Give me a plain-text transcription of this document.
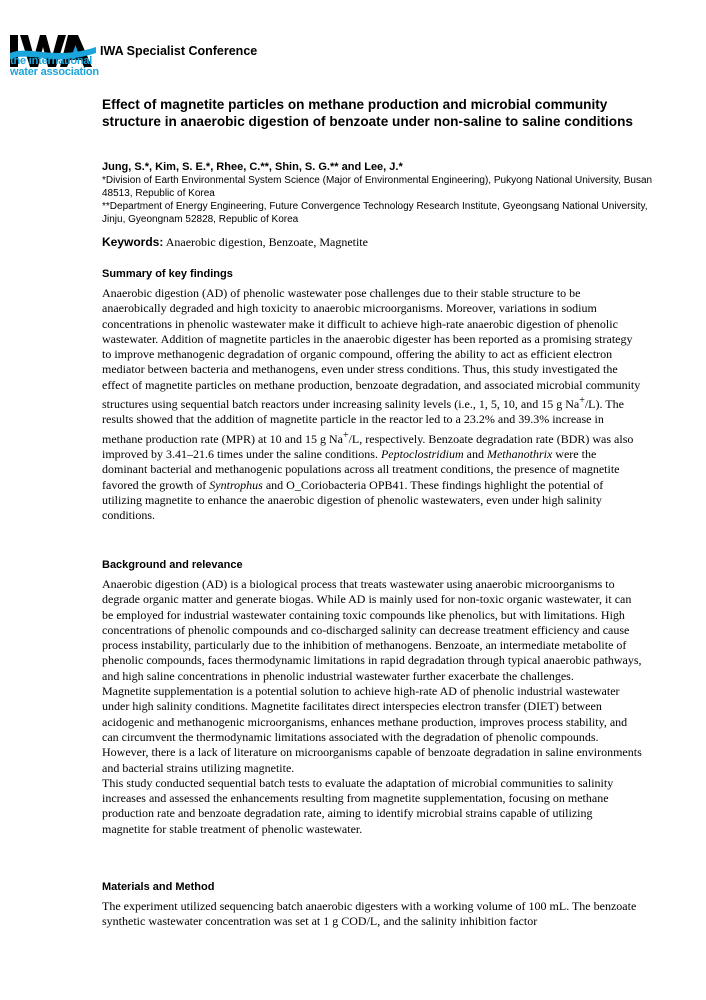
the international
water association
IWA Specialist Conference
Effect of magnetite particles on methane production and microbial community structure in anaerobic digestion of benzoate under non-saline to saline conditions
Jung, S.*, Kim, S. E.*, Rhee, C.**, Shin, S. G.** and Lee, J.*
*Division of Earth Environmental System Science (Major of Environmental Engineering), Pukyong National University, Busan 48513, Republic of Korea
**Department of Energy Engineering, Future Convergence Technology Research Institute, Gyeongsang National University, Jinju, Gyeongnam 52828, Republic of Korea
Keywords: Anaerobic digestion, Benzoate, Magnetite
Summary of key findings

Anaerobic digestion (AD) of phenolic wastewater pose challenges due to their stable structure to be anaerobically degraded and high toxicity to anaerobic microorganisms. Moreover, variations in sodium concentrations in phenolic wastewater make it difficult to achieve high-rate anaerobic digestion of phenolic wastewater. Addition of magnetite particles in the anaerobic digester has been reported as a promising strategy to improve methanogenic degradation of organic compound, offering the ability to act as efficient electron mediator between bacteria and methanogens, even under stress conditions. Thus, this study investigated the effect of magnetite particles on methane production, benzoate degradation, and associated microbial community structures using sequential batch reactors under increasing salinity levels (i.e., 1, 5, 10, and 15 g Na+/L). The results showed that the addition of magnetite particle in the reactor led to a 23.2% and 39.3% increase in methane production rate (MPR) at 10 and 15 g Na+/L, respectively. Benzoate degradation rate (BDR) was also improved by 3.41–21.6 times under the saline conditions. Peptoclostridium and Methanothrix were the dominant bacterial and methanogenic populations across all treatment conditions, the presence of magnetite favored the growth of Syntrophus and O_Coriobacteria OPB41. These findings highlight the potential of utilizing magnetite to enhance the anaerobic digestion of phenolic wastewaters, even under high salinity conditions.

Background and relevance

Anaerobic digestion (AD) is a biological process that treats wastewater using anaerobic microorganisms to degrade organic matter and generate biogas. While AD is mainly used for non-toxic organic wastewater, it can be employed for industrial wastewater containing toxic compounds like phenolics, but with limitations. High concentrations of phenolic compounds and co-discharged salinity can decrease treatment efficiency and cause process instability, particularly due to the inhibition of methanogens. Benzoate, an intermediate metabolite of phenolic compounds, faces thermodynamic limitations in rapid degradation through typical anaerobic pathways, and high saline concentrations in phenolic industrial wastewater further exacerbate the challenges.

Magnetite supplementation is a potential solution to achieve high-rate AD of phenolic industrial wastewater under high salinity conditions. Magnetite facilitates direct interspecies electron transfer (DIET) between acidogenic and methanogenic microorganisms, enhances methane production, improves process stability, and can circumvent the thermodynamic limitations associated with the degradation of phenolic compounds. However, there is a lack of literature on microorganisms capable of benzoate degradation in saline environments and bacterial strains utilizing magnetite.

This study conducted sequential batch tests to evaluate the adaptation of microbial communities to salinity increases and assessed the enhancements resulting from magnetite supplementation, focusing on methane production rate and benzoate degradation rate, aiming to identify microbial strains capable of utilizing magnetite for stable treatment of phenolic wastewater.

Materials and Method

The experiment utilized sequencing batch anaerobic digesters with a working volume of 100 mL. The benzoate synthetic wastewater concentration was set at 1 g COD/L, and the salinity inhibition factor
